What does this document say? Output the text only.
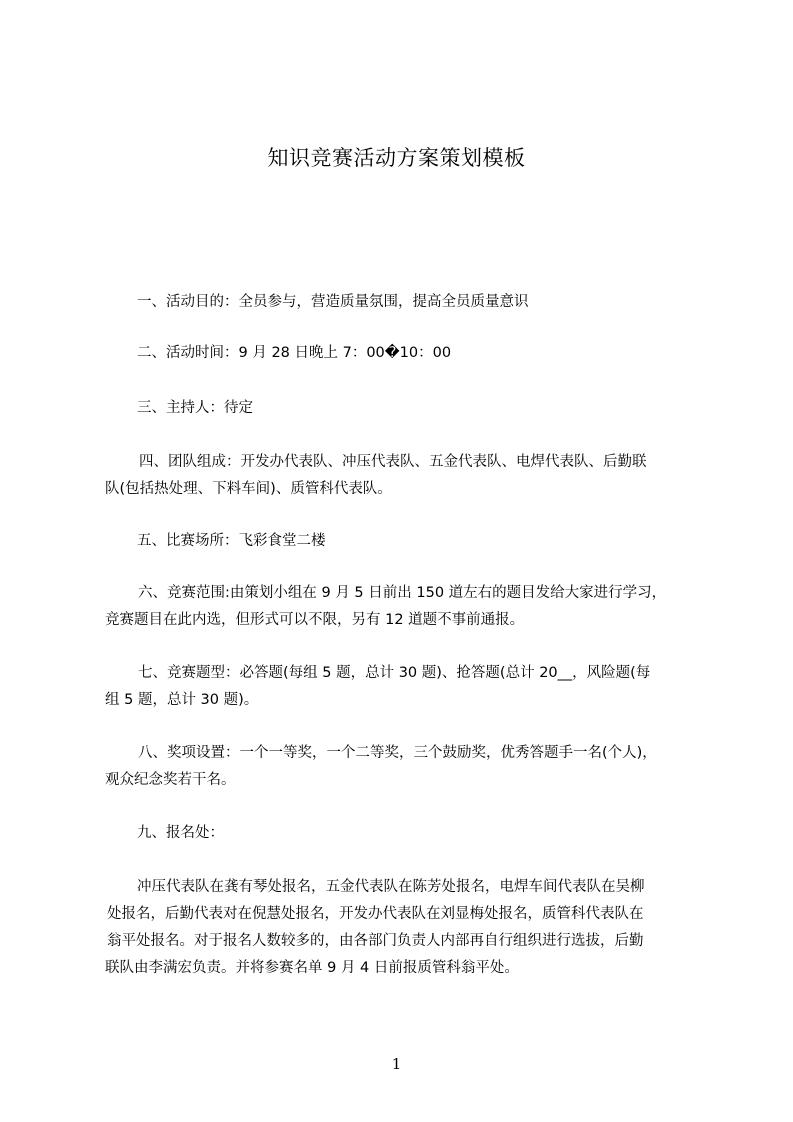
知识竞赛活动方案策划模板
一、活动目的：全员参与，营造质量氛围，提高全员质量意识
二、活动时间：9 月 28 日晚上 7：00�10：00
三、主持人：待定
四、团队组成：开发办代表队、冲压代表队、五金代表队、电焊代表队、后勤联
队(包括热处理、下料车间)、质管科代表队。
五、比赛场所：飞彩食堂二楼
六、竞赛范围:由策划小组在 9 月 5 日前出 150 道左右的题目发给大家进行学习，
竞赛题目在此内选，但形式可以不限，另有 12 道题不事前通报。
七、竞赛题型：必答题(每组 5 题，总计 30 题)、抢答题(总计 20__，风险题(每
组 5 题，总计 30 题)。
八、奖项设置：一个一等奖，一个二等奖，三个鼓励奖，优秀答题手一名(个人)，
观众纪念奖若干名。
九、报名处：
冲压代表队在龚有琴处报名，五金代表队在陈芳处报名，电焊车间代表队在吴柳
处报名，后勤代表对在倪慧处报名，开发办代表队在刘显梅处报名，质管科代表队在
翁平处报名。对于报名人数较多的，由各部门负责人内部再自行组织进行选拔，后勤
联队由李满宏负责。并将参赛名单 9 月 4 日前报质管科翁平处。
1
